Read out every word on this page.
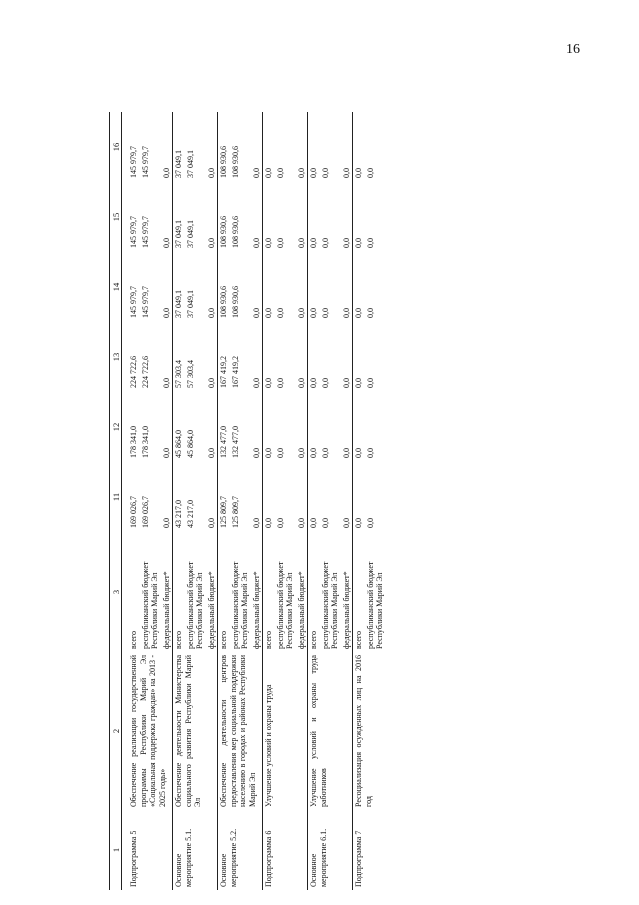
16
1	2	3	11	12	13	14	15	16
Подпрограмма 5	Обеспечение реализации государственной программы Республики Марий Эл «Социальная поддержка граждан» на 2013 - 2025 годы»	всего	169 026,7	178 341,0	224 722,6	145 979,7	145 979,7	145 979,7
		республиканский бюджет Республики Марий Эл	169 026,7	178 341,0	224 722,6	145 979,7	145 979,7	145 979,7
		федеральный бюджет*	0,0	0,0	0,0	0,0	0,0	0,0
Основное мероприятие 5.1.	Обеспечение деятельности Министерства социального развития Республики Марий Эл	всего	43 217,0	45 864,0	57 303,4	37 049,1	37 049,1	37 049,1
		республиканский бюджет Республики Марий Эл	43 217,0	45 864,0	57 303,4	37 049,1	37 049,1	37 049,1
		федеральный бюджет*	0,0	0,0	0,0	0,0	0,0	0,0
Основное мероприятие 5.2.	Обеспечение деятельности центров предоставления мер социальной поддержки населению в городах и районах Республики Марий Эл	всего	125 809,7	132 477,0	167 419,2	108 930,6	108 930,6	108 930,6
		республиканский бюджет Республики Марий Эл	125 809,7	132 477,0	167 419,2	108 930,6	108 930,6	108 930,6
		федеральный бюджет*	0,0	0,0	0,0	0,0	0,0	0,0
Подпрограмма 6	Улучшение условий и охраны труда	всего	0,0	0,0	0,0	0,0	0,0	0,0
		республиканский бюджет Республики Марий Эл	0,0	0,0	0,0	0,0	0,0	0,0
		федеральный бюджет*	0,0	0,0	0,0	0,0	0,0	0,0
Основное мероприятие 6.1.	Улучшение условий и охраны труда работников	всего	0,0	0,0	0,0	0,0	0,0	0,0
		республиканский бюджет Республики Марий Эл	0,0	0,0	0,0	0,0	0,0	0,0
		федеральный бюджет*	0,0	0,0	0,0	0,0	0,0	0,0
Подпрограмма 7	Ресоциализация осужденных лиц на 2016 год	всего	0,0	0,0	0,0	0,0	0,0	0,0
		республиканский бюджет Республики Марий Эл	0,0	0,0	0,0	0,0	0,0	0,0
